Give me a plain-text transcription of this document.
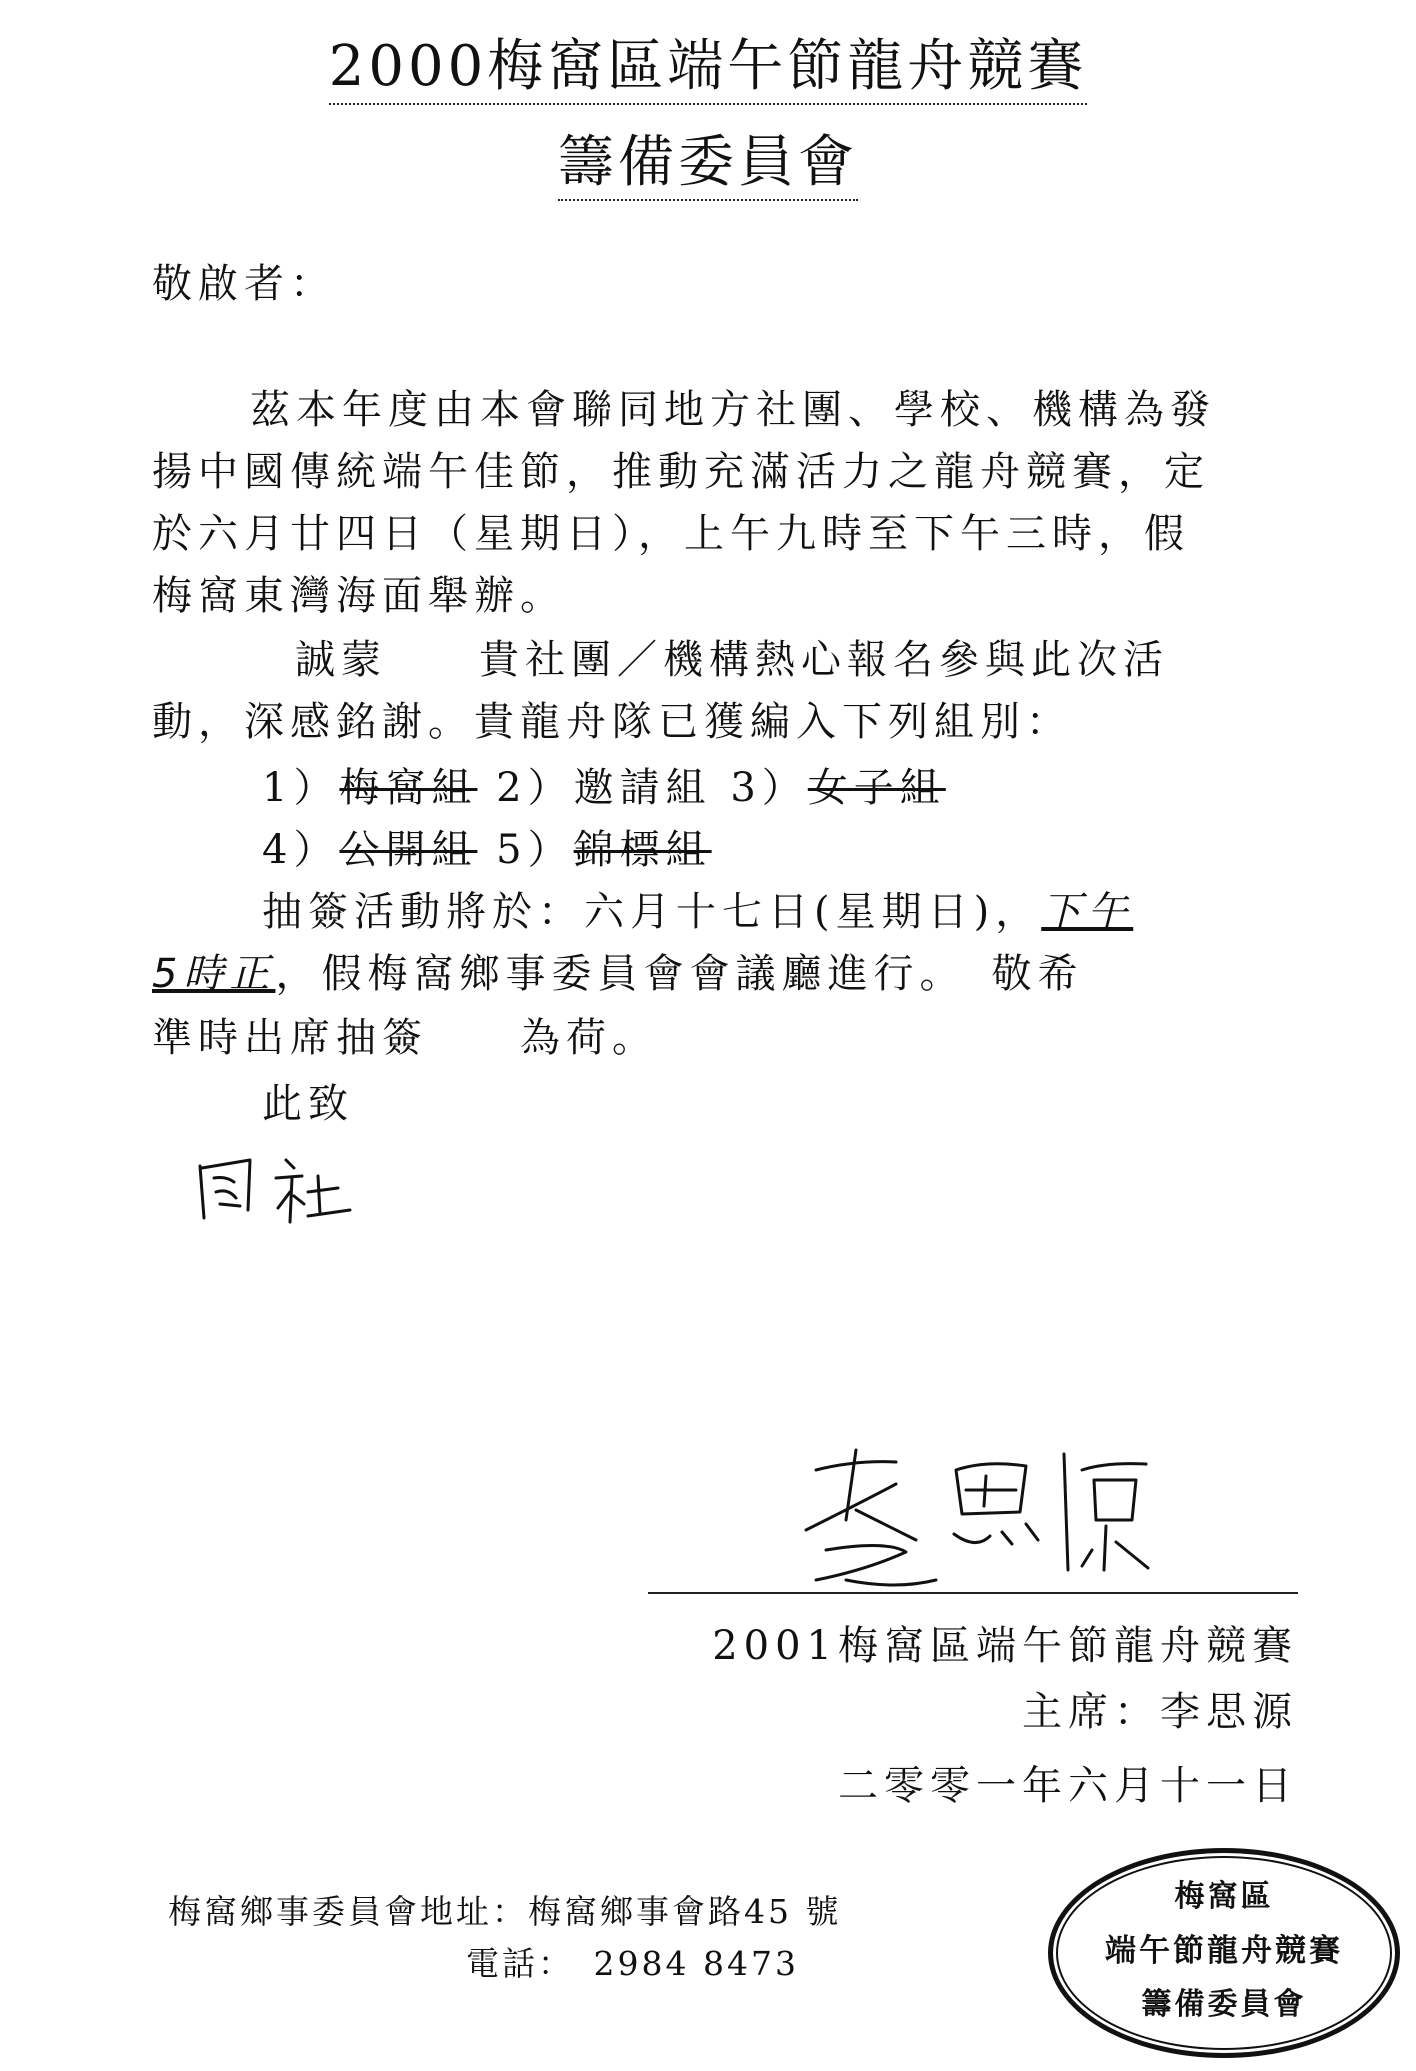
2000梅窩區端午節龍舟競賽
籌備委員會
敬啟者：
茲本年度由本會聯同地方社團、學校、機構為發
揚中國傳統端午佳節，推動充滿活力之龍舟競賽，定
於六月廿四日（星期日），上午九時至下午三時，假
梅窩東灣海面舉辦。
誠蒙　　貴社團／機構熱心報名參與此次活
動，深感銘謝。貴龍舟隊已獲編入下列組別：
1）梅窩組 2）邀請組 3）女子組
4）公開組 5）錦標組
抽簽活動將於：六月十七日(星期日)，下午
5時正，假梅窩鄉事委員會會議廳進行。　敬希
準時出席抽簽　　為荷。
此致
2001梅窩區端午節龍舟競賽
主席：李思源
二零零一年六月十一日
梅窩鄉事委員會地址：梅窩鄉事會路45 號
電話：　2984 8473
梅窩區
端午節龍舟競賽
籌備委員會
